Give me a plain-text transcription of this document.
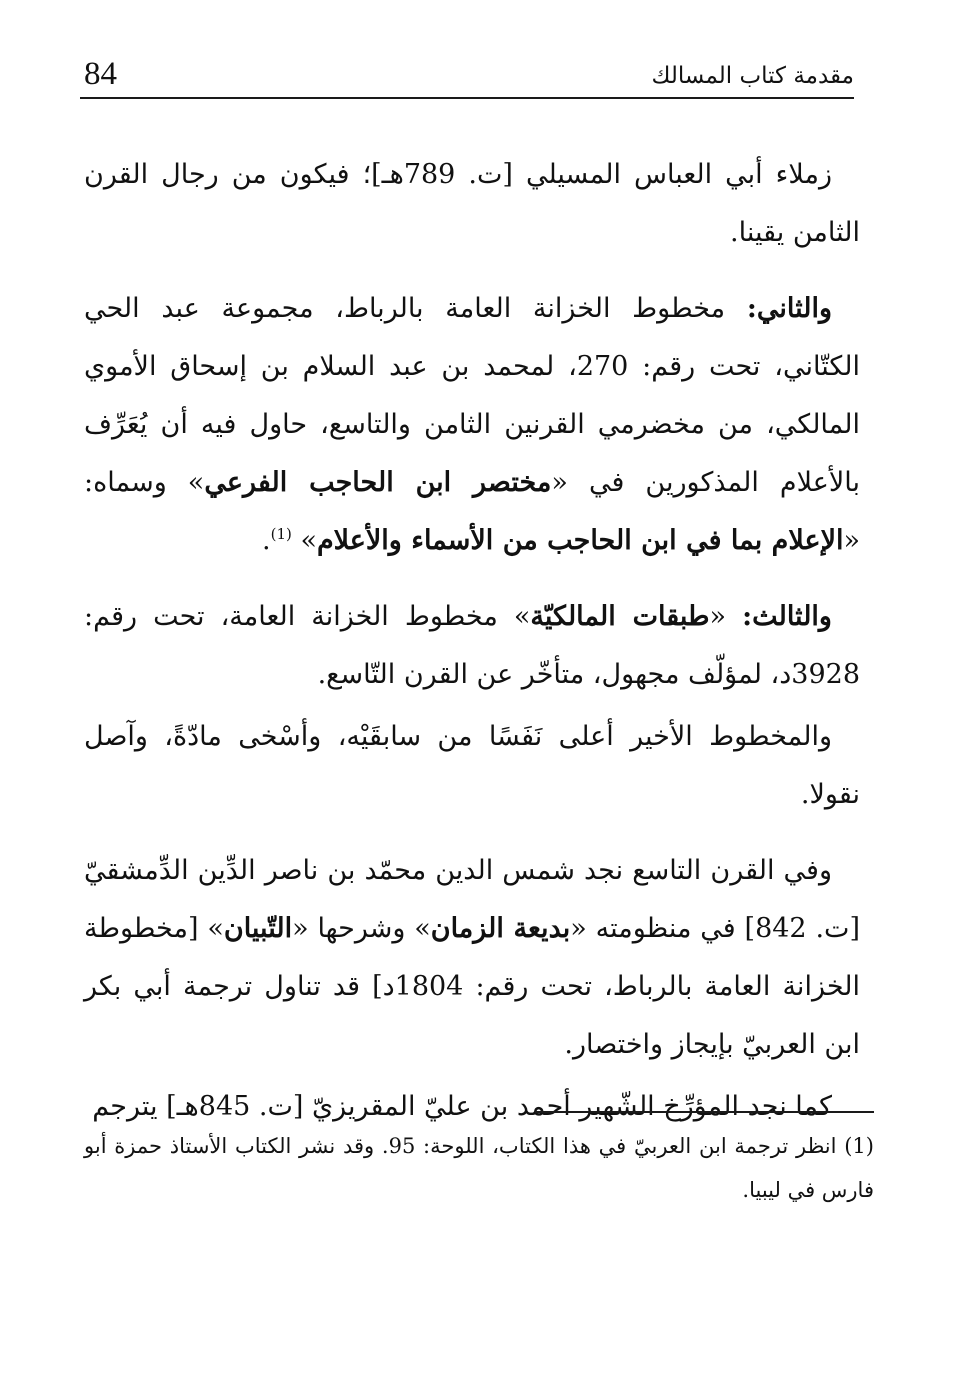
84	مقدمة كتاب المسالك

زملاء أبي العباس المسيلي [ت. 789هـ]؛ فيكون من رجال القرن الثامن يقينا.

والثاني: مخطوط الخزانة العامة بالرباط، مجموعة عبد الحي الكتّاني، تحت رقم: 270، لمحمد بن عبد السلام بن إسحاق الأموي المالكي، من مخضرمي القرنين الثامن والتاسع، حاول فيه أن يُعَرِّف بالأعلام المذكورين في «مختصر ابن الحاجب الفرعي» وسماه: «الإعلام بما في ابن الحاجب من الأسماء والأعلام» $^{(1)}$.

والثالث: «طبقات المالكيّة» مخطوط الخزانة العامة، تحت رقم: 3928د، لمؤلّف مجهول، متأخّر عن القرن التّاسع.

والمخطوط الأخير أعلى نَفَسًا من سابقَيْه، وأسْخى مادّةً، وآصل نقولا.

وفي القرن التاسع نجد شمس الدين محمّد بن ناصر الدِّين الدِّمشقيّ [ت. 842] في منظومته «بديعة الزمان» وشرحها «التّبيان» [مخطوطة الخزانة العامة بالرباط، تحت رقم: 1804د] قد تناول ترجمة أبي بكر ابن العربيّ بإيجاز واختصار.

كما نجد المؤرِّخ الشّهير أحمد بن عليّ المقريزيّ [ت. 845هـ] يترجم

(1) انظر ترجمة ابن العربيّ في هذا الكتاب، اللوحة: 95. وقد نشر الكتاب الأستاذ حمزة أبو فارس في ليبيا.
